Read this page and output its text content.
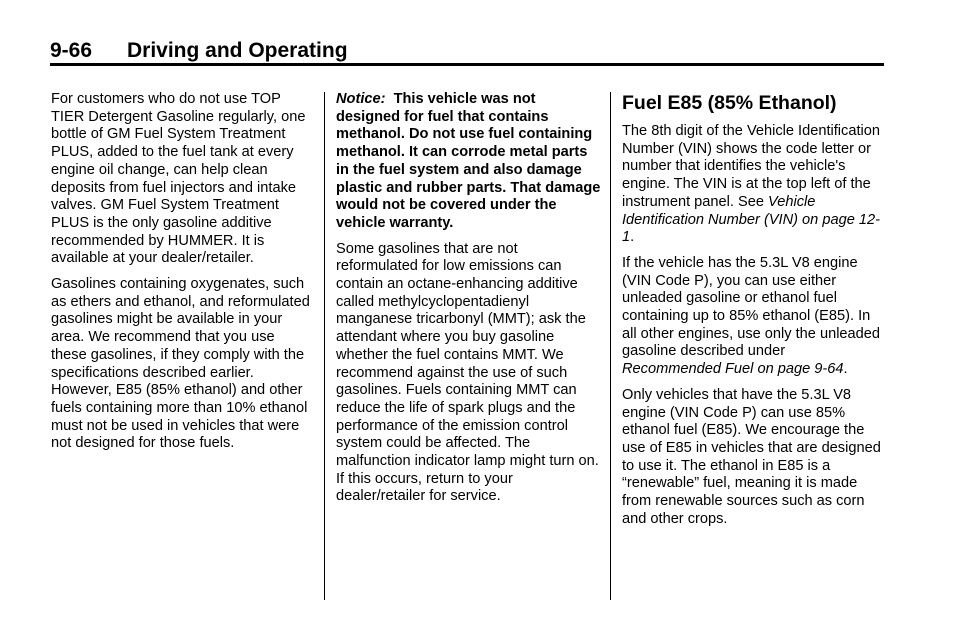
9-66 Driving and Operating

For customers who do not use TOP TIER Detergent Gasoline regularly, one bottle of GM Fuel System Treatment PLUS, added to the fuel tank at every engine oil change, can help clean deposits from fuel injectors and intake valves. GM Fuel System Treatment PLUS is the only gasoline additive recommended by HUMMER. It is available at your dealer/retailer.

Gasolines containing oxygenates, such as ethers and ethanol, and reformulated gasolines might be available in your area. We recommend that you use these gasolines, if they comply with the specifications described earlier. However, E85 (85% ethanol) and other fuels containing more than 10% ethanol must not be used in vehicles that were not designed for those fuels.

Notice: This vehicle was not designed for fuel that contains methanol. Do not use fuel containing methanol. It can corrode metal parts in the fuel system and also damage plastic and rubber parts. That damage would not be covered under the vehicle warranty.

Some gasolines that are not reformulated for low emissions can contain an octane-enhancing additive called methylcyclopentadienyl manganese tricarbonyl (MMT); ask the attendant where you buy gasoline whether the fuel contains MMT. We recommend against the use of such gasolines. Fuels containing MMT can reduce the life of spark plugs and the performance of the emission control system could be affected. The malfunction indicator lamp might turn on. If this occurs, return to your dealer/retailer for service.

Fuel E85 (85% Ethanol)

The 8th digit of the Vehicle Identification Number (VIN) shows the code letter or number that identifies the vehicle's engine. The VIN is at the top left of the instrument panel. See Vehicle Identification Number (VIN) on page 12-1.

If the vehicle has the 5.3L V8 engine (VIN Code P), you can use either unleaded gasoline or ethanol fuel containing up to 85% ethanol (E85). In all other engines, use only the unleaded gasoline described under Recommended Fuel on page 9-64.

Only vehicles that have the 5.3L V8 engine (VIN Code P) can use 85% ethanol fuel (E85). We encourage the use of E85 in vehicles that are designed to use it. The ethanol in E85 is a “renewable” fuel, meaning it is made from renewable sources such as corn and other crops.
